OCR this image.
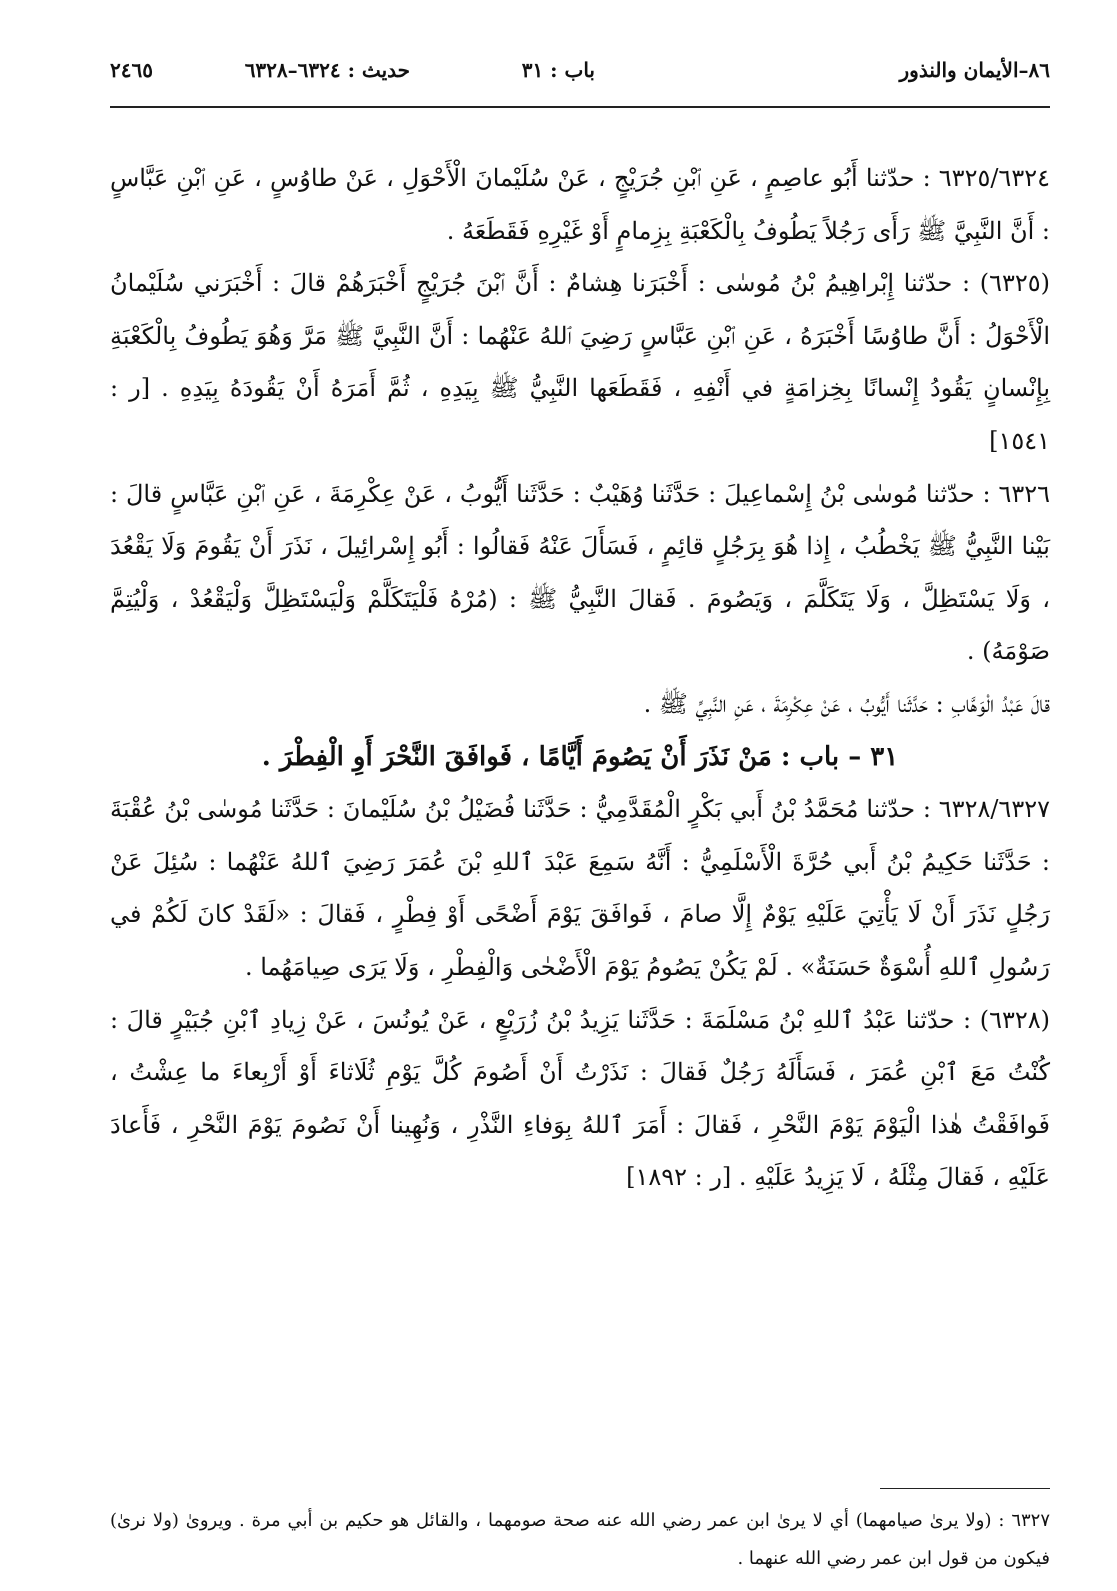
٨٦–الأيمان والنذور
باب : ٣١
حديث : ٦٣٢٤–٦٣٢٨
٢٤٦٥

٦٣٢٥/٦٣٢٤ : حدّثنا أَبُو عاصِمٍ ، عَنِ ٱبْنِ جُرَيْجٍ ، عَنْ سُلَيْمانَ الْأَحْوَلِ ، عَنْ طاوُسٍ ، عَنِ ٱبْنِ عَبَّاسٍ : أَنَّ النَّبِيَّ ﷺ رَأَى رَجُلاً يَطُوفُ بِالْكَعْبَةِ بِزِمامٍ أَوْ غَيْرِهِ فَقَطَعَهُ .

(٦٣٢٥) : حدّثنا إِبْراهِيمُ بْنُ مُوسٰى : أَخْبَرَنا هِشامٌ : أَنَّ ٱبْنَ جُرَيْجٍ أَخْبَرَهُمْ قالَ : أَخْبَرَني سُلَيْمانُ الْأَحْوَلُ : أَنَّ طاوُسًا أَخْبَرَهُ ، عَنِ ٱبْنِ عَبَّاسٍ رَضِيَ ٱللهُ عَنْهُما : أَنَّ النَّبِيَّ ﷺ مَرَّ وَهُوَ يَطُوفُ بِالْكَعْبَةِ بِإِنْسانٍ يَقُودُ إِنْسانًا بِخِزامَةٍ في أَنْفِهِ ، فَقَطَعَها النَّبِيُّ ﷺ بِيَدِهِ ، ثُمَّ أَمَرَهُ أَنْ يَقُودَهُ بِيَدِهِ . [ر : ١٥٤١]

٦٣٢٦ : حدّثنا مُوسٰى بْنُ إِسْماعِيلَ : حَدَّثَنا وُهَيْبٌ : حَدَّثَنا أَيُّوبُ ، عَنْ عِكْرِمَةَ ، عَنِ ٱبْنِ عَبَّاسٍ قالَ : بَيْنا النَّبِيُّ ﷺ يَخْطُبُ ، إِذا هُوَ بِرَجُلٍ قائِمٍ ، فَسَأَلَ عَنْهُ فَقالُوا : أَبُو إِسْرائِيلَ ، نَذَرَ أَنْ يَقُومَ وَلَا يَقْعُدَ ، وَلَا يَسْتَظِلَّ ، وَلَا يَتَكَلَّمَ ، وَيَصُومَ . فَقالَ النَّبِيُّ ﷺ : (مُرْهُ فَلْيَتَكَلَّمْ وَلْيَسْتَظِلَّ وَلْيَقْعُدْ ، وَلْيُتِمَّ صَوْمَهُ) .

قالَ عَبْدُ الْوَهَّابِ : حَدَّثَنا أَيُّوبُ ، عَنْ عِكْرِمَةَ ، عَنِ النَّبِيِّ ﷺ .

٣١ – باب : مَنْ نَذَرَ أَنْ يَصُومَ أَيَّامًا ، فَوافَقَ النَّحْرَ أَوِ الْفِطْرَ .

٦٣٢٨/٦٣٢٧ : حدّثنا مُحَمَّدُ بْنُ أَبي بَكْرٍ الْمُقَدَّمِيُّ : حَدَّثَنا فُضَيْلُ بْنُ سُلَيْمانَ : حَدَّثَنا مُوسٰى بْنُ عُقْبَةَ : حَدَّثَنا حَكِيمُ بْنُ أَبي حُرَّةَ الْأَسْلَمِيُّ : أَنَّهُ سَمِعَ عَبْدَ ٱللهِ بْنَ عُمَرَ رَضِيَ ٱللهُ عَنْهُما : سُئِلَ عَنْ رَجُلٍ نَذَرَ أَنْ لَا يَأْتِيَ عَلَيْهِ يَوْمٌ إِلَّا صامَ ، فَوافَقَ يَوْمَ أَضْحًى أَوْ فِطْرٍ ، فَقالَ : «لَقَدْ كانَ لَكُمْ في رَسُولِ ٱللهِ أُسْوَةٌ حَسَنَةٌ» . لَمْ يَكُنْ يَصُومُ يَوْمَ الْأَضْحٰى وَالْفِطْرِ ، وَلَا يَرَى صِيامَهُما .

(٦٣٢٨) : حدّثنا عَبْدُ ٱللهِ بْنُ مَسْلَمَةَ : حَدَّثَنا يَزِيدُ بْنُ زُرَيْعٍ ، عَنْ يُونُسَ ، عَنْ زِيادِ ٱبْنِ جُبَيْرٍ قالَ : كُنْتُ مَعَ ٱبْنِ عُمَرَ ، فَسَأَلَهُ رَجُلٌ فَقالَ : نَذَرْتُ أَنْ أَصُومَ كُلَّ يَوْمِ ثُلَاثاءَ أَوْ أَرْبِعاءَ ما عِشْتُ ، فَوافَقْتُ هٰذا الْيَوْمَ يَوْمَ النَّحْرِ ، فَقالَ : أَمَرَ ٱللهُ بِوَفاءِ النَّذْرِ ، وَنُهِينا أَنْ نَصُومَ يَوْمَ النَّحْرِ ، فَأَعادَ عَلَيْهِ ، فَقالَ مِثْلَهُ ، لَا يَزِيدُ عَلَيْهِ . [ر : ١٨٩٢]

٦٣٢٧ : (ولا يرىٰ صيامهما) أي لا يرىٰ ابن عمر رضي الله عنه صحة صومهما ، والقائل هو حكيم بن أبي مرة . ويروىٰ (ولا نرىٰ) فيكون من قول ابن عمر رضي الله عنهما .
